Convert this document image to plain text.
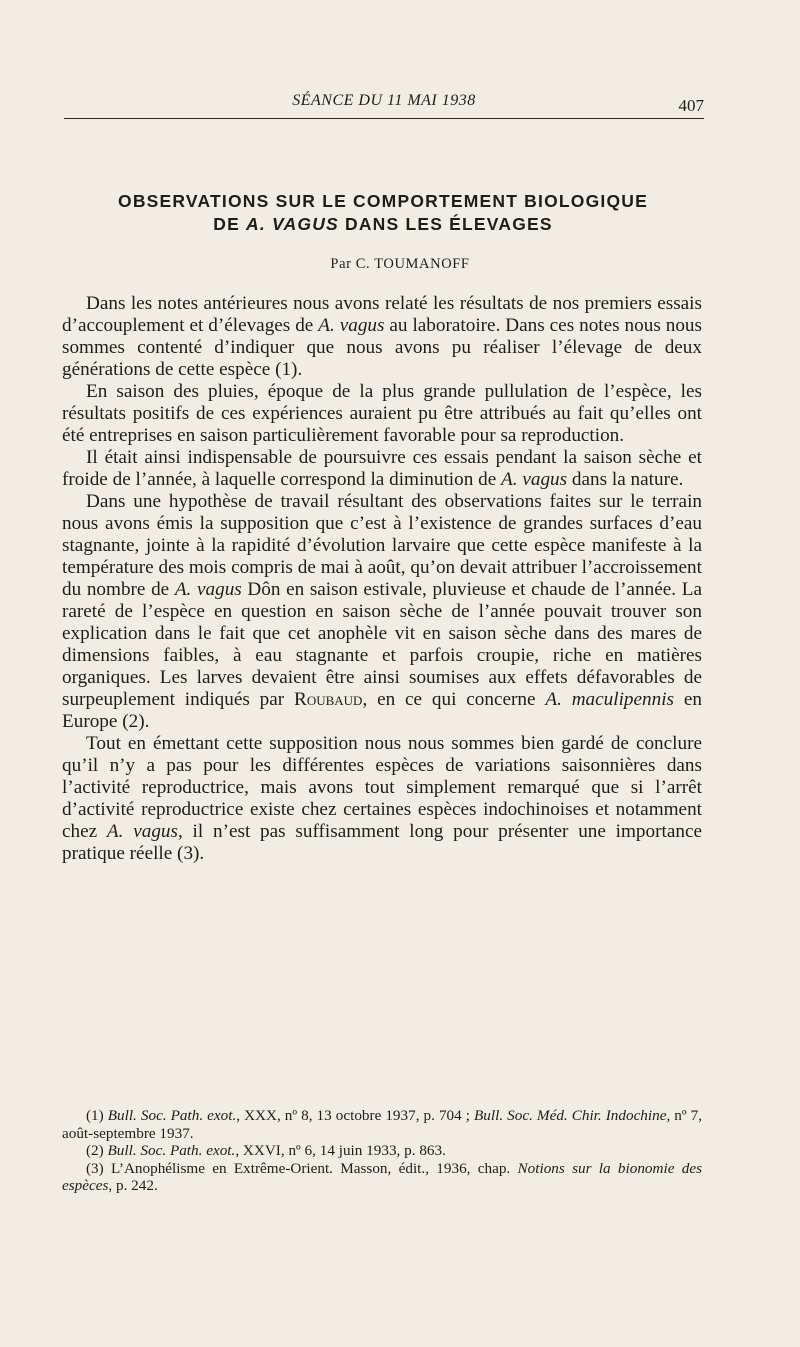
SÉANCE DU 11 MAI 1938	407
OBSERVATIONS SUR LE COMPORTEMENT BIOLOGIQUE
DE A. VAGUS DANS LES ÉLEVAGES
Par C. TOUMANOFF

Dans les notes antérieures nous avons relaté les résultats de nos premiers essais d’accouplement et d’élevages de A. vagus au laboratoire. Dans ces notes nous nous sommes contenté d’indiquer que nous avons pu réaliser l’élevage de deux générations de cette espèce (1).

En saison des pluies, époque de la plus grande pullulation de l’espèce, les résultats positifs de ces expériences auraient pu être attribués au fait qu’elles ont été entreprises en saison particulièrement favorable pour sa reproduction.

Il était ainsi indispensable de poursuivre ces essais pendant la saison sèche et froide de l’année, à laquelle correspond la diminution de A. vagus dans la nature.

Dans une hypothèse de travail résultant des observations faites sur le terrain nous avons émis la supposition que c’est à l’existence de grandes surfaces d’eau stagnante, jointe à la rapidité d’évolution larvaire que cette espèce manifeste à la température des mois compris de mai à août, qu’on devait attribuer l’accroissement du nombre de A. vagus Dôn en saison estivale, pluvieuse et chaude de l’année. La rareté de l’espèce en question en saison sèche de l’année pouvait trouver son explication dans le fait que cet anophèle vit en saison sèche dans des mares de dimensions faibles, à eau stagnante et parfois croupie, riche en matières organiques. Les larves devaient être ainsi soumises aux effets défavorables de surpeuplement indiqués par Roubaud, en ce qui concerne A. maculipennis en Europe (2).

Tout en émettant cette supposition nous nous sommes bien gardé de conclure qu’il n’y a pas pour les différentes espèces de variations saisonnières dans l’activité reproductrice, mais avons tout simplement remarqué que si l’arrêt d’activité reproductrice existe chez certaines espèces indochinoises et notamment chez A. vagus, il n’est pas suffisamment long pour présenter une importance pratique réelle (3).

(1) Bull. Soc. Path. exot., XXX, nº 8, 13 octobre 1937, p. 704 ; Bull. Soc. Méd. Chir. Indochine, nº 7, août-septembre 1937.

(2) Bull. Soc. Path. exot., XXVI, nº 6, 14 juin 1933, p. 863.

(3) L’Anophélisme en Extrême-Orient. Masson, édit., 1936, chap. Notions sur la bionomie des espèces, p. 242.
